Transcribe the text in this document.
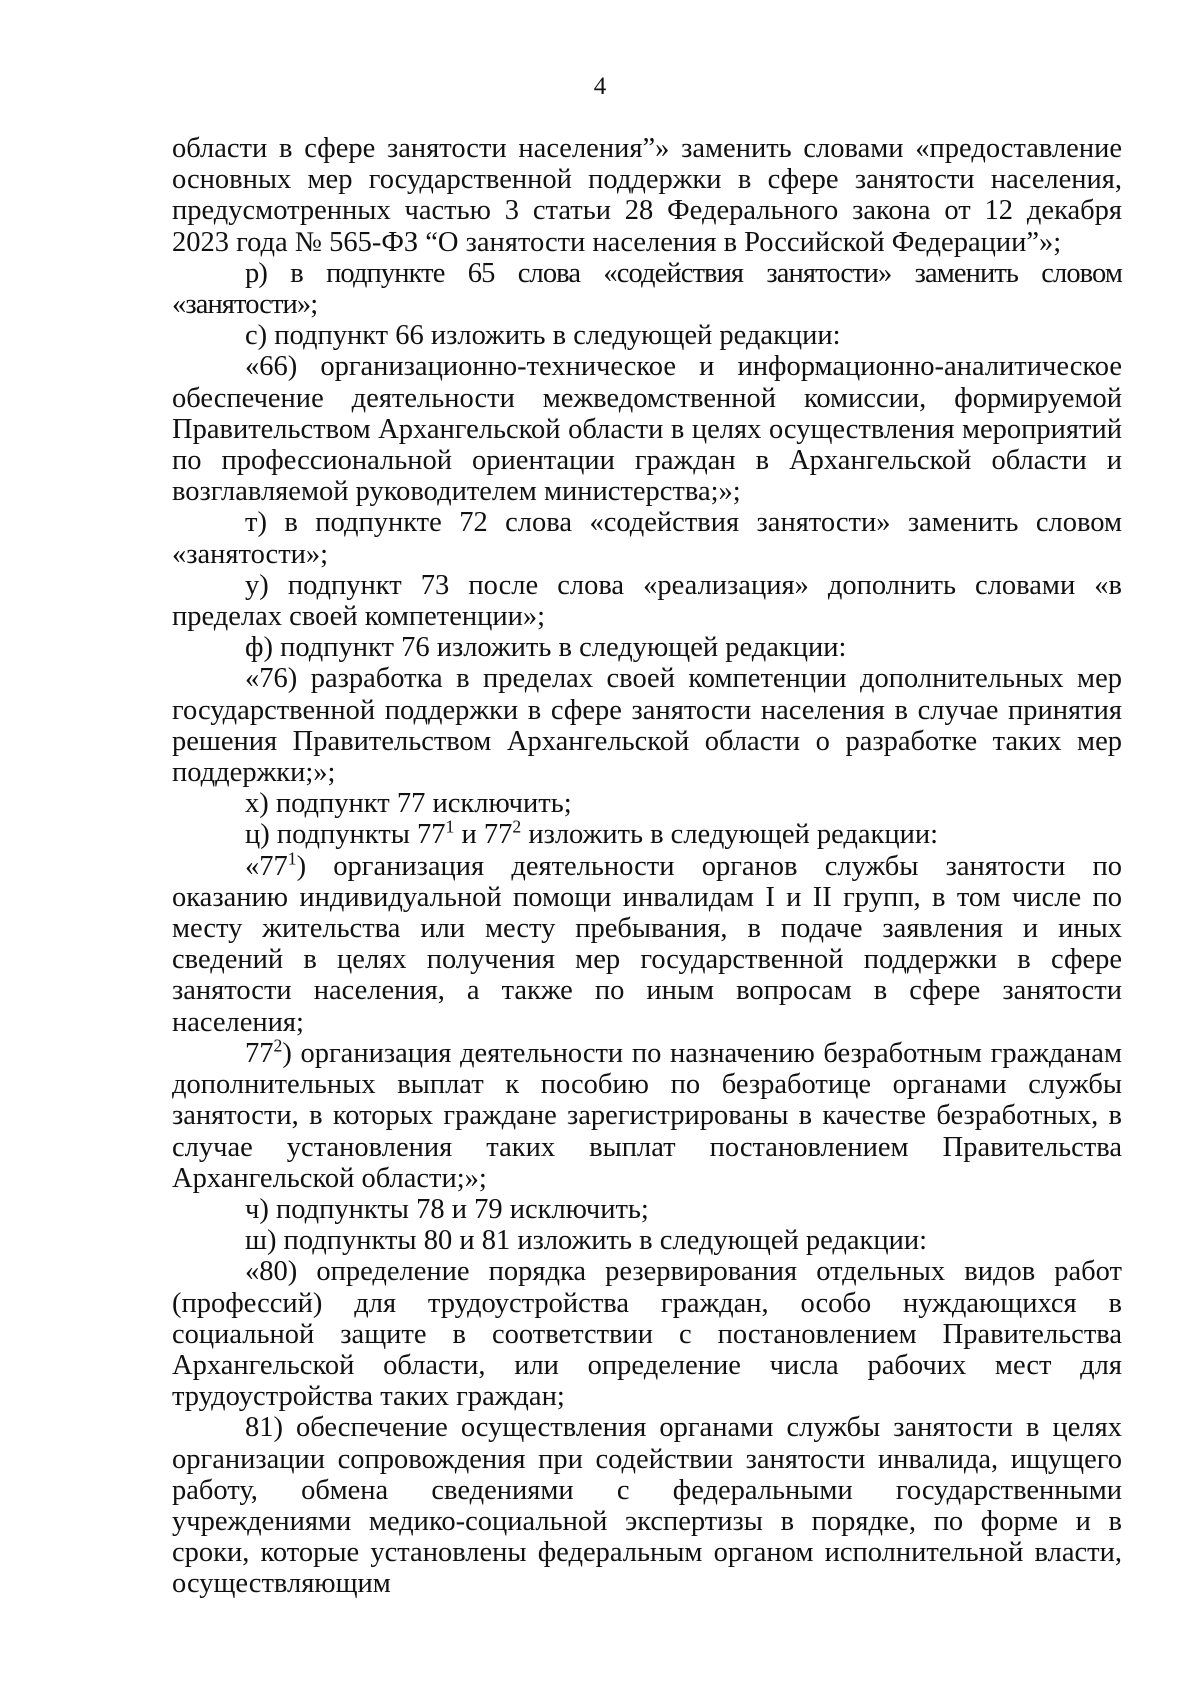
4

области в сфере занятости населения”» заменить словами «предоставление основных мер государственной поддержки в сфере занятости населения, предусмотренных частью 3 статьи 28 Федерального закона от 12 декабря 2023 года № 565-ФЗ “О занятости населения в Российской Федерации”»;

р) в подпункте 65 слова «содействия занятости» заменить словом «занятости»;

с) подпункт 66 изложить в следующей редакции:

«66) организационно-техническое и информационно-аналитическое обеспечение деятельности межведомственной комиссии, формируемой Правительством Архангельской области в целях осуществления мероприятий по профессиональной ориентации граждан в Архангельской области и возглавляемой руководителем министерства;»;

т) в подпункте 72 слова «содействия занятости» заменить словом «занятости»;

у) подпункт 73 после слова «реализация» дополнить словами «в пределах своей компетенции»;

ф) подпункт 76 изложить в следующей редакции:

«76) разработка в пределах своей компетенции дополнительных мер государственной поддержки в сфере занятости населения в случае принятия решения Правительством Архангельской области о разработке таких мер поддержки;»;

х) подпункт 77 исключить;

ц) подпункты $77^1$ и $77^2$ изложить в следующей редакции:

«$77^1$) организация деятельности органов службы занятости по оказанию индивидуальной помощи инвалидам I и II групп, в том числе по месту жительства или месту пребывания, в подаче заявления и иных сведений в целях получения мер государственной поддержки в сфере занятости населения, а также по иным вопросам в сфере занятости населения;

$77^2$) организация деятельности по назначению безработным гражданам дополнительных выплат к пособию по безработице органами службы занятости, в которых граждане зарегистрированы в качестве безработных, в случае установления таких выплат постановлением Правительства Архангельской области;»;

ч) подпункты 78 и 79 исключить;

ш) подпункты 80 и 81 изложить в следующей редакции:

«80) определение порядка резервирования отдельных видов работ (профессий) для трудоустройства граждан, особо нуждающихся в социальной защите в соответствии с постановлением Правительства Архангельской области, или определение числа рабочих мест для трудоустройства таких граждан;

81) обеспечение осуществления органами службы занятости в целях организации сопровождения при содействии занятости инвалида, ищущего работу, обмена сведениями с федеральными государственными учреждениями медико-социальной экспертизы в порядке, по форме и в сроки, которые установлены федеральным органом исполнительной власти, осуществляющим
